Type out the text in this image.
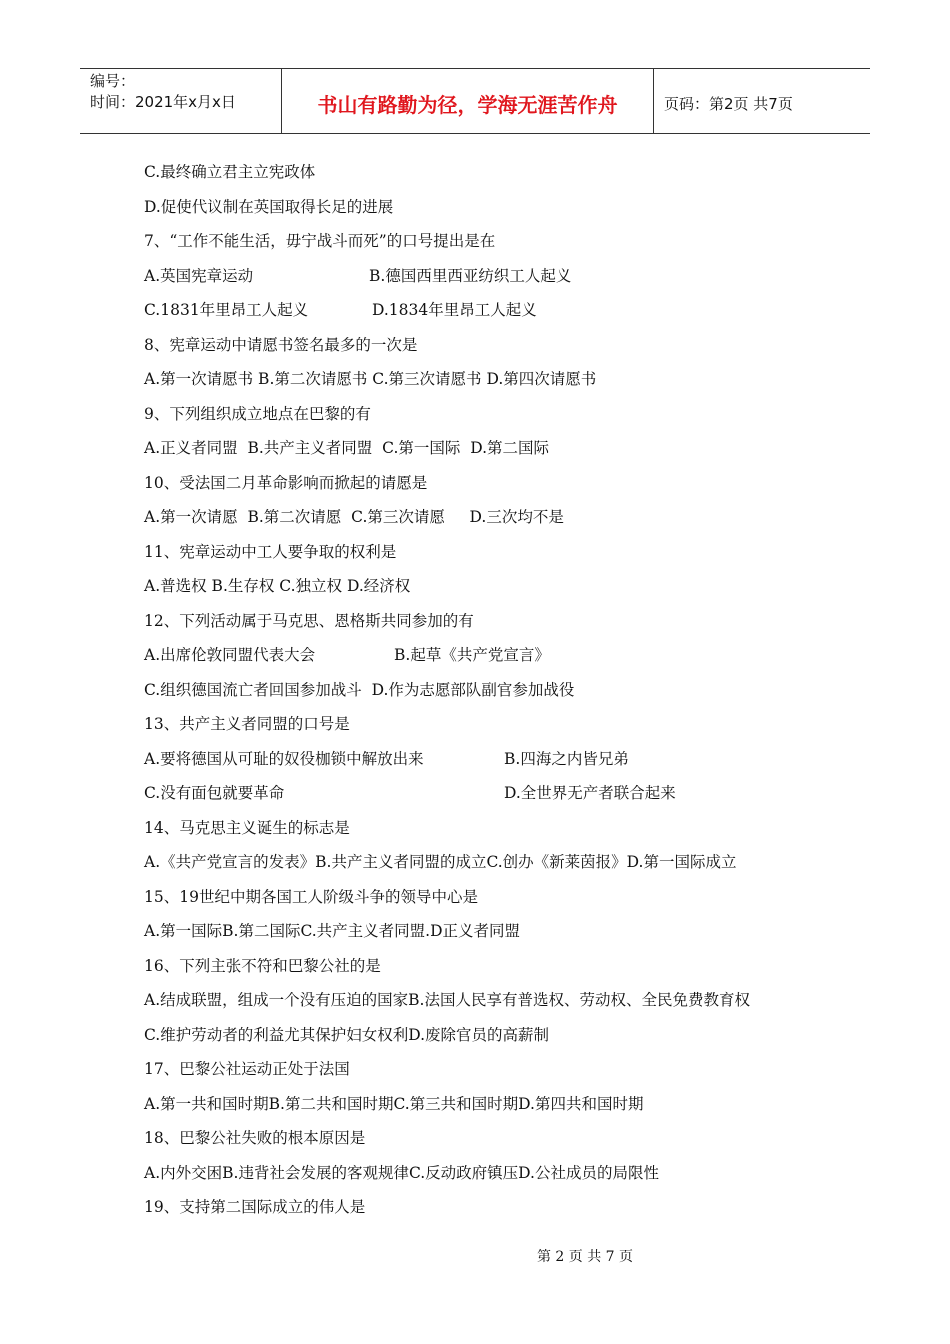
编号：
时间：2021年x月x日	书山有路勤为径，学海无涯苦作舟	页码：第2页 共7页
C.最终确立君主立宪政体
D.促使代议制在英国取得长足的进展
7、“工作不能生活，毋宁战斗而死”的口号提出是在
A.英国宪章运动	B.德国西里西亚纺织工人起义
C.1831年里昂工人起义	D.1834年里昂工人起义
8、宪章运动中请愿书签名最多的一次是
A.第一次请愿书 B.第二次请愿书 C.第三次请愿书 D.第四次请愿书
9、下列组织成立地点在巴黎的有
A.正义者同盟  B.共产主义者同盟  C.第一国际  D.第二国际
10、受法国二月革命影响而掀起的请愿是
A.第一次请愿  B.第二次请愿  C.第三次请愿     D.三次均不是
11、宪章运动中工人要争取的权利是
A.普选权 B.生存权 C.独立权 D.经济权
12、下列活动属于马克思、恩格斯共同参加的有
A.出席伦敦同盟代表大会	B.起草《共产党宣言》
C.组织德国流亡者回国参加战斗  D.作为志愿部队副官参加战役
13、共产主义者同盟的口号是
A.要将德国从可耻的奴役枷锁中解放出来	B.四海之内皆兄弟
C.没有面包就要革命	D.全世界无产者联合起来
14、马克思主义诞生的标志是
A.《共产党宣言的发表》B.共产主义者同盟的成立C.创办《新莱茵报》D.第一国际成立
15、19世纪中期各国工人阶级斗争的领导中心是
A.第一国际B.第二国际C.共产主义者同盟.D正义者同盟
16、下列主张不符和巴黎公社的是
A.结成联盟，组成一个没有压迫的国家B.法国人民享有普选权、劳动权、全民免费教育权
C.维护劳动者的利益尤其保护妇女权利D.废除官员的高薪制
17、巴黎公社运动正处于法国
A.第一共和国时期B.第二共和国时期C.第三共和国时期D.第四共和国时期
18、巴黎公社失败的根本原因是
A.内外交困B.违背社会发展的客观规律C.反动政府镇压D.公社成员的局限性
19、支持第二国际成立的伟人是
第 2 页 共 7 页
